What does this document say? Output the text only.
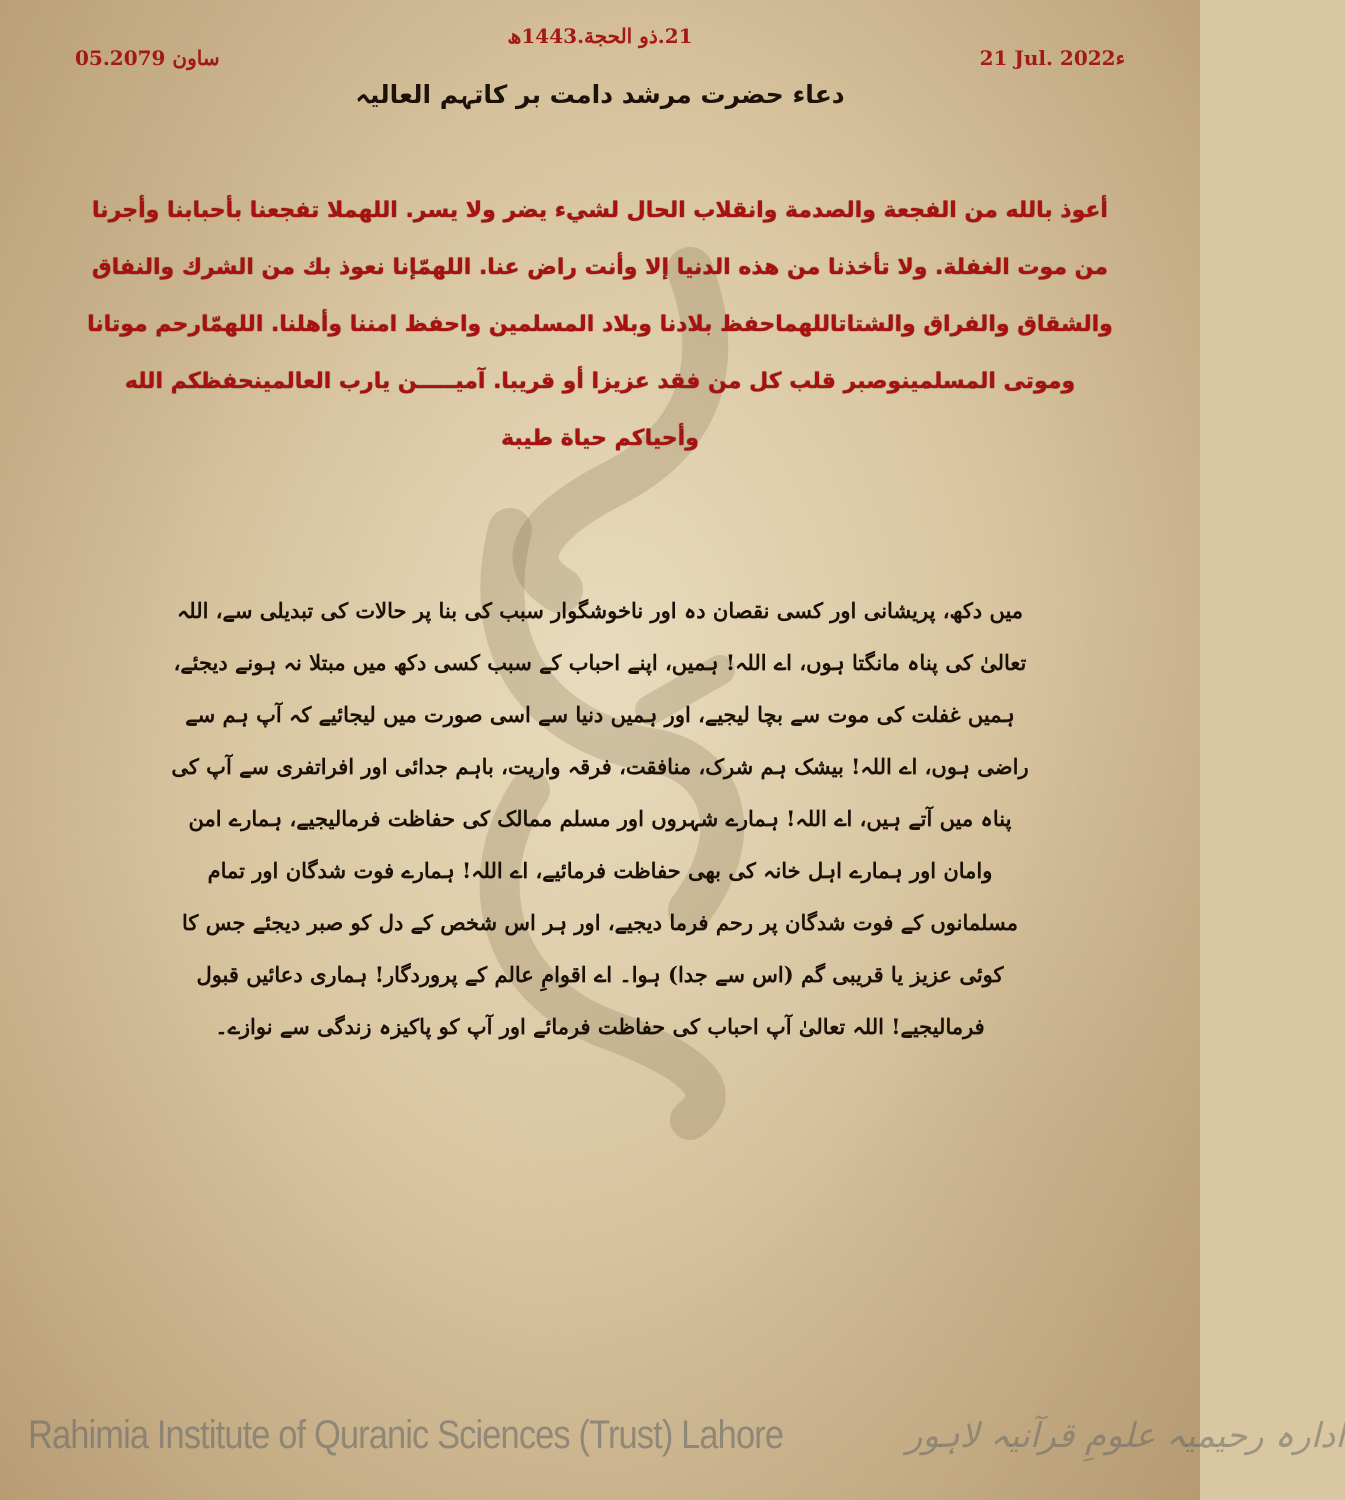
21.ذو الحجة.1443ھ
05.ساون 2079	21 Jul. 2022ء
دعاء حضرت مرشد دامت بر کاتہم العالیہ
أعوذ بالله من الفجعة والصدمة وانقلاب الحال لشيء يضر ولا يسر. اللهملا تفجعنا بأحبابنا وأجرنا من موت الغفلة. ولا تأخذنا من هذه الدنيا إلا وأنت راض عنا. اللهمّإنا نعوذ بك من الشرك والنفاق والشقاق والفراق والشتاتاللهماحفظ بلادنا وبلاد المسلمين واحفظ امننا وأهلنا. اللهمّارحم موتانا وموتى المسلمينوصبر قلب كل من فقد عزيزا أو قريبا. آميـــــن يارب العالمينحفظكم الله وأحياكم حياة طيبة
میں دکھ، پریشانی اور کسی نقصان دہ اور ناخوشگوار سبب کی بنا پر حالات کی تبدیلی سے، اللہ تعالیٰ کی پناہ مانگتا ہوں، اے اللہ! ہمیں، اپنے احباب کے سبب کسی دکھ میں مبتلا نہ ہونے دیجئے، ہمیں غفلت کی موت سے بچا لیجیے، اور ہمیں دنیا سے اسی صورت میں لیجائیے کہ آپ ہم سے راضی ہوں، اے اللہ! بیشک ہم شرک، منافقت، فرقہ واریت، باہم جدائی اور افراتفری سے آپ کی پناہ میں آتے ہیں، اے اللہ! ہمارے شہروں اور مسلم ممالک کی حفاظت فرمالیجیے، ہمارے امن وامان اور ہمارے اہل خانہ کی بھی حفاظت فرمائیے، اے اللہ! ہمارے فوت شدگان اور تمام مسلمانوں کے فوت شدگان پر رحم فرما دیجیے، اور ہر اس شخص کے دل کو صبر دیجئے جس کا کوئی عزیز یا قریبی گم (اس سے جدا) ہوا۔ اے اقوامِ عالم کے پروردگار! ہماری دعائیں قبول فرمالیجیے! اللہ تعالیٰ آپ احباب کی حفاظت فرمائے اور آپ کو پاکیزہ زندگی سے نوازے۔
Rahimia Institute of Quranic Sciences (Trust) Lahore	ادارہ رحیمیہ علومِ قرآنیہ لاہور
